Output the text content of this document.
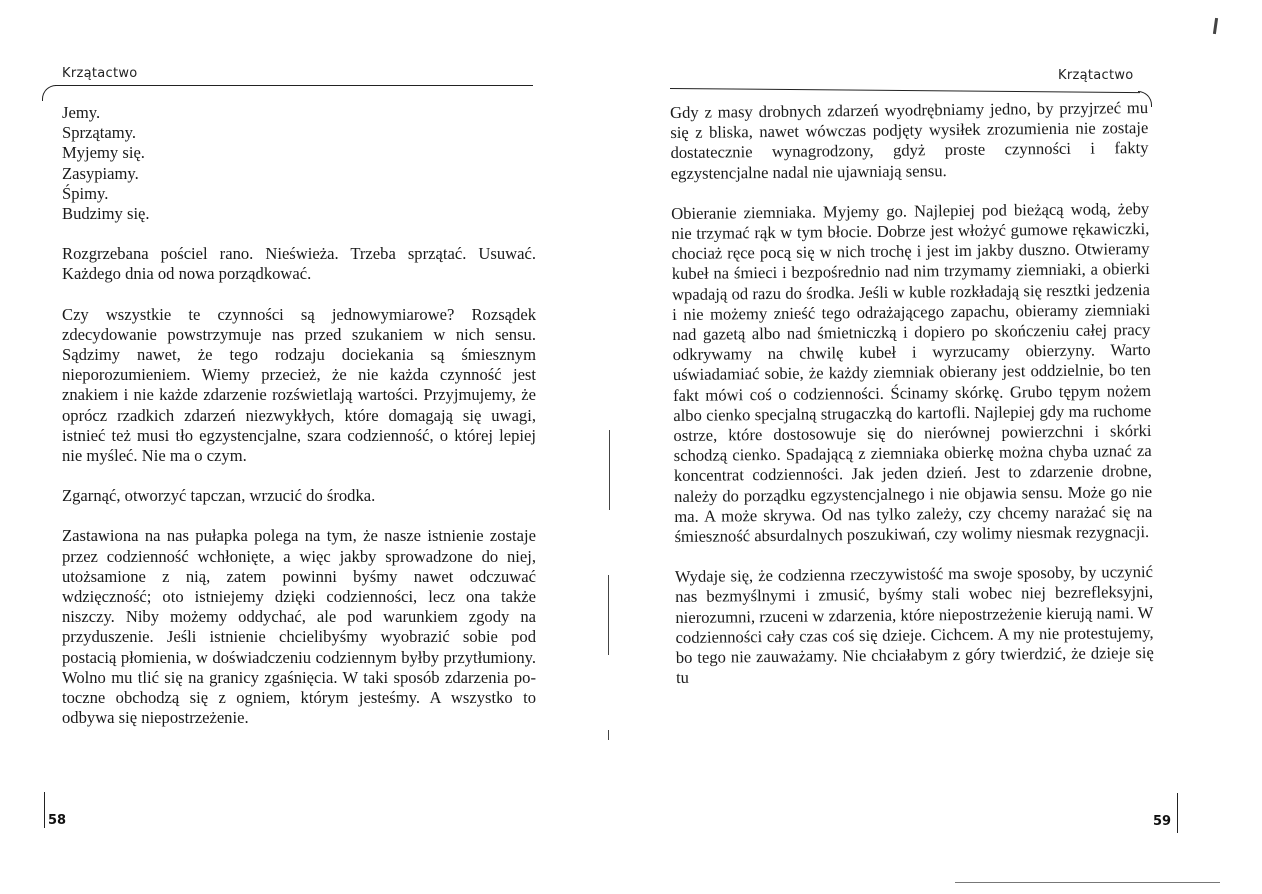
Krzątactwo
Jemy.
Sprzątamy.
Myjemy się.
Zasypiamy.
Śpimy.
Budzimy się.

Rozgrzebana pościel rano. Nieświeża. Trzeba sprzątać. Usuwać. Każdego dnia od nowa porządkować.

Czy wszystkie te czynności są jednowymiarowe? Rozsądek zdecydowanie powstrzymuje nas przed szukaniem w nich sensu. Sądzimy nawet, że tego rodzaju dociekania są śmiesznym nieporozumieniem. Wiemy przecież, że nie każda czynność jest znakiem i nie każde zdarzenie rozświetlają wartości. Przyjmujemy, że oprócz rzadkich zdarzeń niezwykłych, które domagają się uwagi, istnieć też musi tło egzystencjalne, szara codzienność, o której lepiej nie myśleć. Nie ma o czym.

Zgarnąć, otworzyć tapczan, wrzucić do środka.

Zastawiona na nas pułapka polega na tym, że nasze istnienie zostaje przez codzienność wchłonięte, a więc jakby sprowadzone do niej, utożsamione z nią, zatem powinni byśmy nawet odczuwać wdzięczność; oto istniejemy dzięki codzienności, lecz ona także niszczy. Niby możemy oddychać, ale pod warunkiem zgody na przyduszenie. Jeśli istnienie chcielibyśmy wyobrazić sobie pod postacią płomienia, w doświadczeniu codziennym byłby przytłumiony. Wolno mu tlić się na granicy zgaśnięcia. W taki sposób zdarzenia potoczne obchodzą się z ogniem, którym jesteśmy. A wszystko to odbywa się niepostrzeżenie.

58
Krzątactwo

Gdy z masy drobnych zdarzeń wyodrębniamy jedno, by przyjrzeć mu się z bliska, nawet wówczas podjęty wysiłek zrozumienia nie zostaje dostatecznie wynagrodzony, gdyż proste czynności i fakty egzystencjalne nadal nie ujawniają sensu.

Obieranie ziemniaka. Myjemy go. Najlepiej pod bieżącą wodą, żeby nie trzymać rąk w tym błocie. Dobrze jest włożyć gumowe rękawiczki, chociaż ręce pocą się w nich trochę i jest im jakby duszno. Otwieramy kubeł na śmieci i bezpośrednio nad nim trzymamy ziemniaki, a obierki wpadają od razu do środka. Jeśli w kuble rozkładają się resztki jedzenia i nie możemy znieść tego odrażającego zapachu, obieramy ziemniaki nad gazetą albo nad śmietniczką i dopiero po skończeniu całej pracy odkrywamy na chwilę kubeł i wyrzucamy obierzyny. Warto uświadamiać sobie, że każdy ziemniak obierany jest oddzielnie, bo ten fakt mówi coś o codzienności. Ścinamy skórkę. Grubo tępym nożem albo cienko specjalną strugaczką do kartofli. Najlepiej gdy ma ruchome ostrze, które dostosowuje się do nierównej powierzchni i skórki schodzą cienko. Spadającą z ziemniaka obierkę można chyba uznać za koncentrat codzienności. Jak jeden dzień. Jest to zdarzenie drobne, należy do porządku egzystencjalnego i nie objawia sensu. Może go nie ma. A może skrywa. Od nas tylko zależy, czy chcemy narażać się na śmieszność absurdalnych poszukiwań, czy wolimy niesmak rezygnacji.

Wydaje się, że codzienna rzeczywistość ma swoje sposoby, by uczynić nas bezmyślnymi i zmusić, byśmy stali wobec niej bezrefleksyjni, nierozumni, rzuceni w zdarzenia, które niepostrzeżenie kierują nami. W codzienności cały czas coś się dzieje. Cichcem. A my nie protestujemy, bo tego nie zauważamy. Nie chciałabym z góry twierdzić, że dzieje się tu

59
